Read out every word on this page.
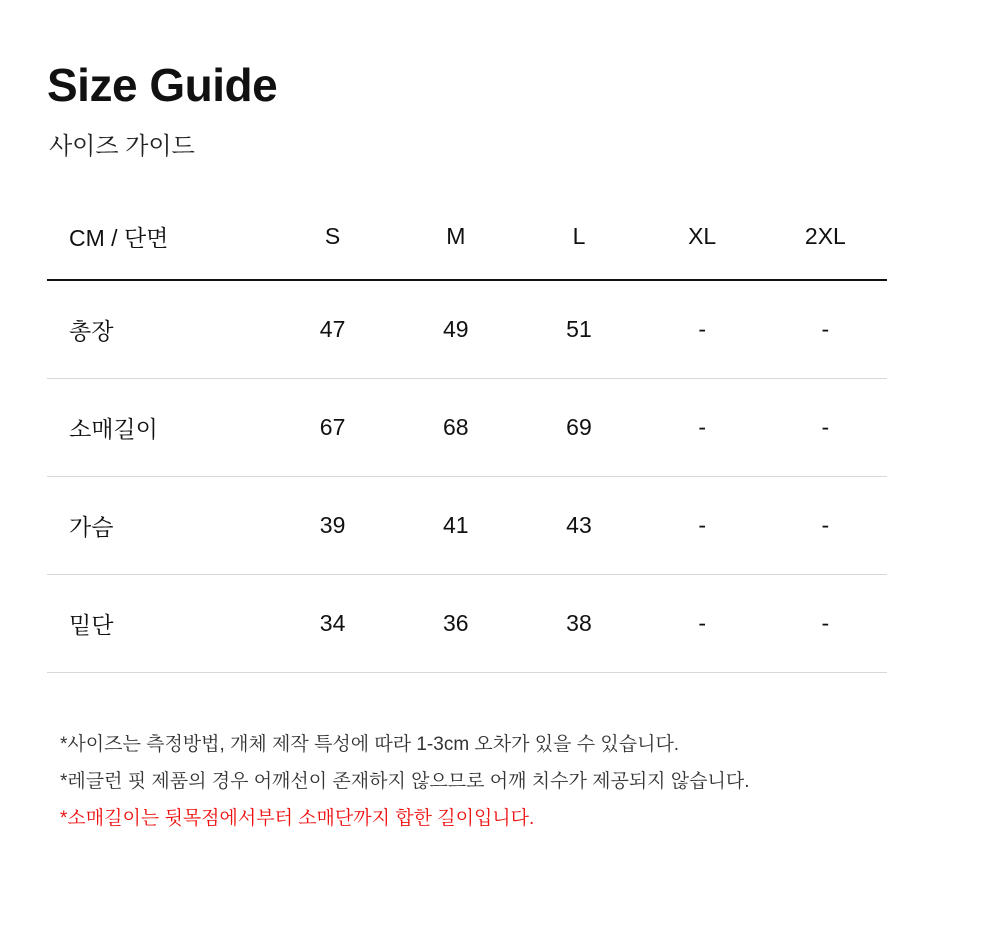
Size Guide
사이즈 가이드
CM / 단면	S	M	L	XL	2XL
총장	47	49	51	-	-
소매길이	67	68	69	-	-
가슴	39	41	43	-	-
밑단	34	36	38	-	-
*사이즈는 측정방법, 개체 제작 특성에 따라 1-3cm 오차가 있을 수 있습니다.
*레글런 핏 제품의 경우 어깨선이 존재하지 않으므로 어깨 치수가 제공되지 않습니다.
*소매길이는 뒷목점에서부터 소매단까지 합한 길이입니다.
